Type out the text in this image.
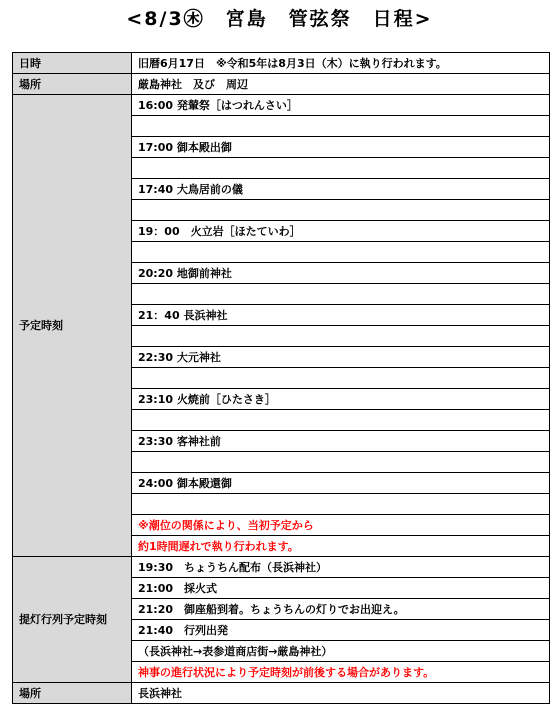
<8/3㊍　宮島　管弦祭　日程>
日時	旧暦6月17日　※令和5年は8月3日（木）に執り行われます。
場所	厳島神社　及び　周辺
予定時刻	16:00 発輦祭［はつれんさい］

	17:00 御本殿出御

	17:40 大鳥居前の儀

	19：00　火立岩［ほたていわ］

	20:20 地御前神社

	21：40 長浜神社

	22:30 大元神社

	23:10 火焼前［ひたさき］

	23:30 客神社前

	24:00 御本殿還御

	※潮位の関係により、当初予定から
	約1時間遅れで執り行われます。
提灯行列予定時刻	19:30　ちょうちん配布（長浜神社）
	21:00　採火式
	21:20　御座船到着。ちょうちんの灯りでお出迎え。
	21:40　行列出発
	（長浜神社→表参道商店街→厳島神社）
	神事の進行状況により予定時刻が前後する場合があります。
場所	長浜神社
